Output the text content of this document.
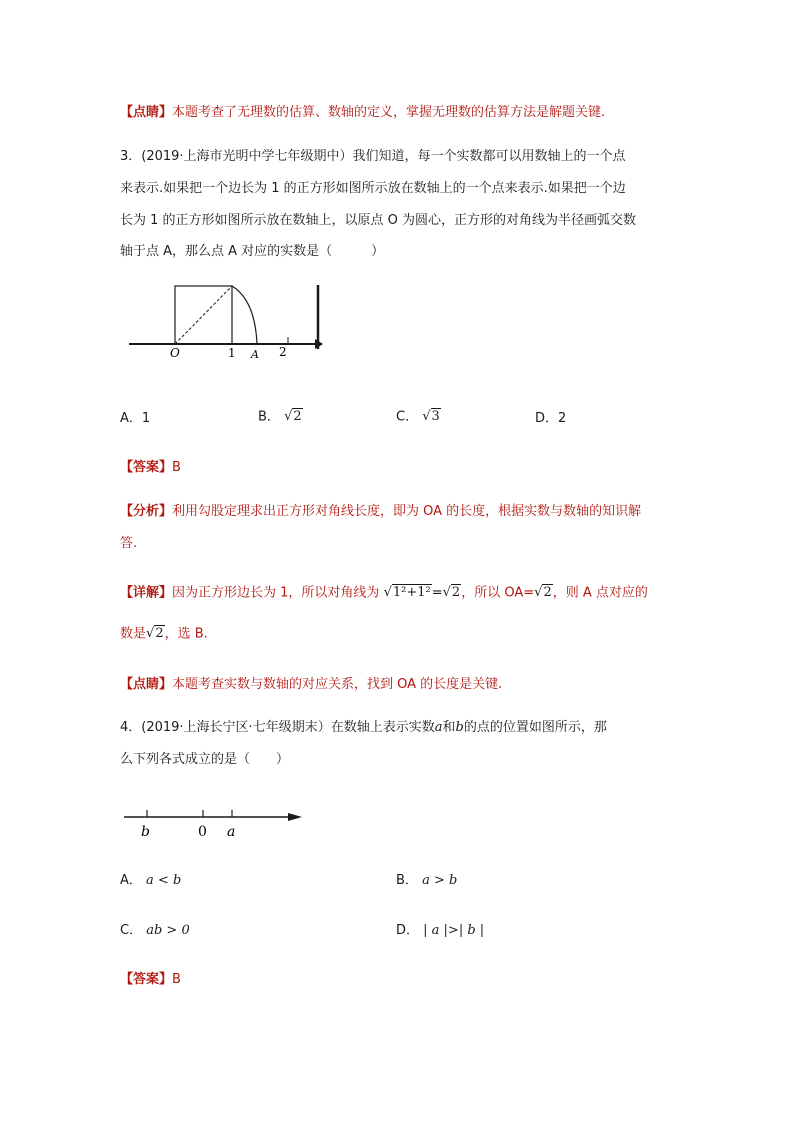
【点睛】本题考查了无理数的估算、数轴的定义，掌握无理数的估算方法是解题关键.
3．(2019·上海市光明中学七年级期中）我们知道，每一个实数都可以用数轴上的一个点
来表示.如果把一个边长为 1 的正方形如图所示放在数轴上的一个点来表示.如果把一个边
长为 1 的正方形如图所示放在数轴上，以原点 O 为圆心，正方形的对角线为半径画弧交数
轴于点 A，那么点 A 对应的实数是（　　　）
O	1 A 2
A．1	B． √2	C． √3	D．2
【答案】B
【分析】利用勾股定理求出正方形对角线长度，即为 OA 的长度，根据实数与数轴的知识解
答.
【详解】因为正方形边长为 1，所以对角线为 √1²+1²=√2，所以 OA=√2，则 A 点对应的
数是√2，选 B.
【点睛】本题考查实数与数轴的对应关系，找到 OA 的长度是关键.
4．(2019·上海长宁区·七年级期末）在数轴上表示实数a和b的点的位置如图所示，那
么下列各式成立的是（　　）
b	0 a
A． a < b	B． a > b
C． ab > 0	D． | a |>| b |
【答案】B
